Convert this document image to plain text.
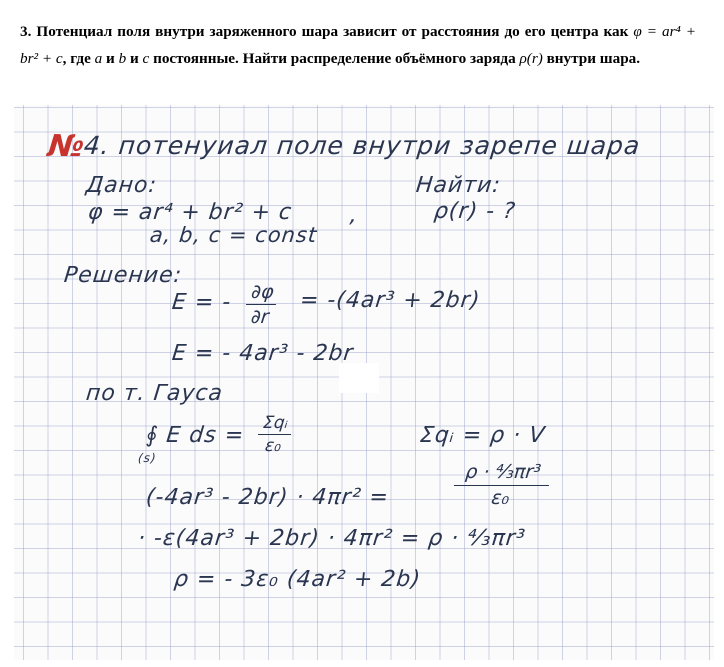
3. Потенциал поля внутри заряженного шара зависит от расстояния до его центра как φ = ar⁴ + br² + c, где a и b и c постоянные. Найти распределение объёмного заряда ρ(r) внутри шара.
№
4. потенуиал поле внутри зарепе шара
Дано:	Найти:
φ = ar⁴ + br² + c	,	ρ(r) - ?
a, b, c = const
Решение:
E = - $\frac{\partial\varphi}{\partial r} = -(4ar^3 + 2br)$
E = - 4ar³ - 2br
по т. Гауса
∮ E ds =
(s)
Σqᵢ
ε₀	Σqᵢ = ρ · V
(-4ar³ - 2br) · 4πr² =	$\frac{\text{ρ · ⁴⁄₃πr³}}{\text{ε₀}}$
· -ε(4ar³ + 2br) · 4πr² = ρ · ⁴⁄₃πr³
ρ = - 3ε₀ (4ar² + 2b)
